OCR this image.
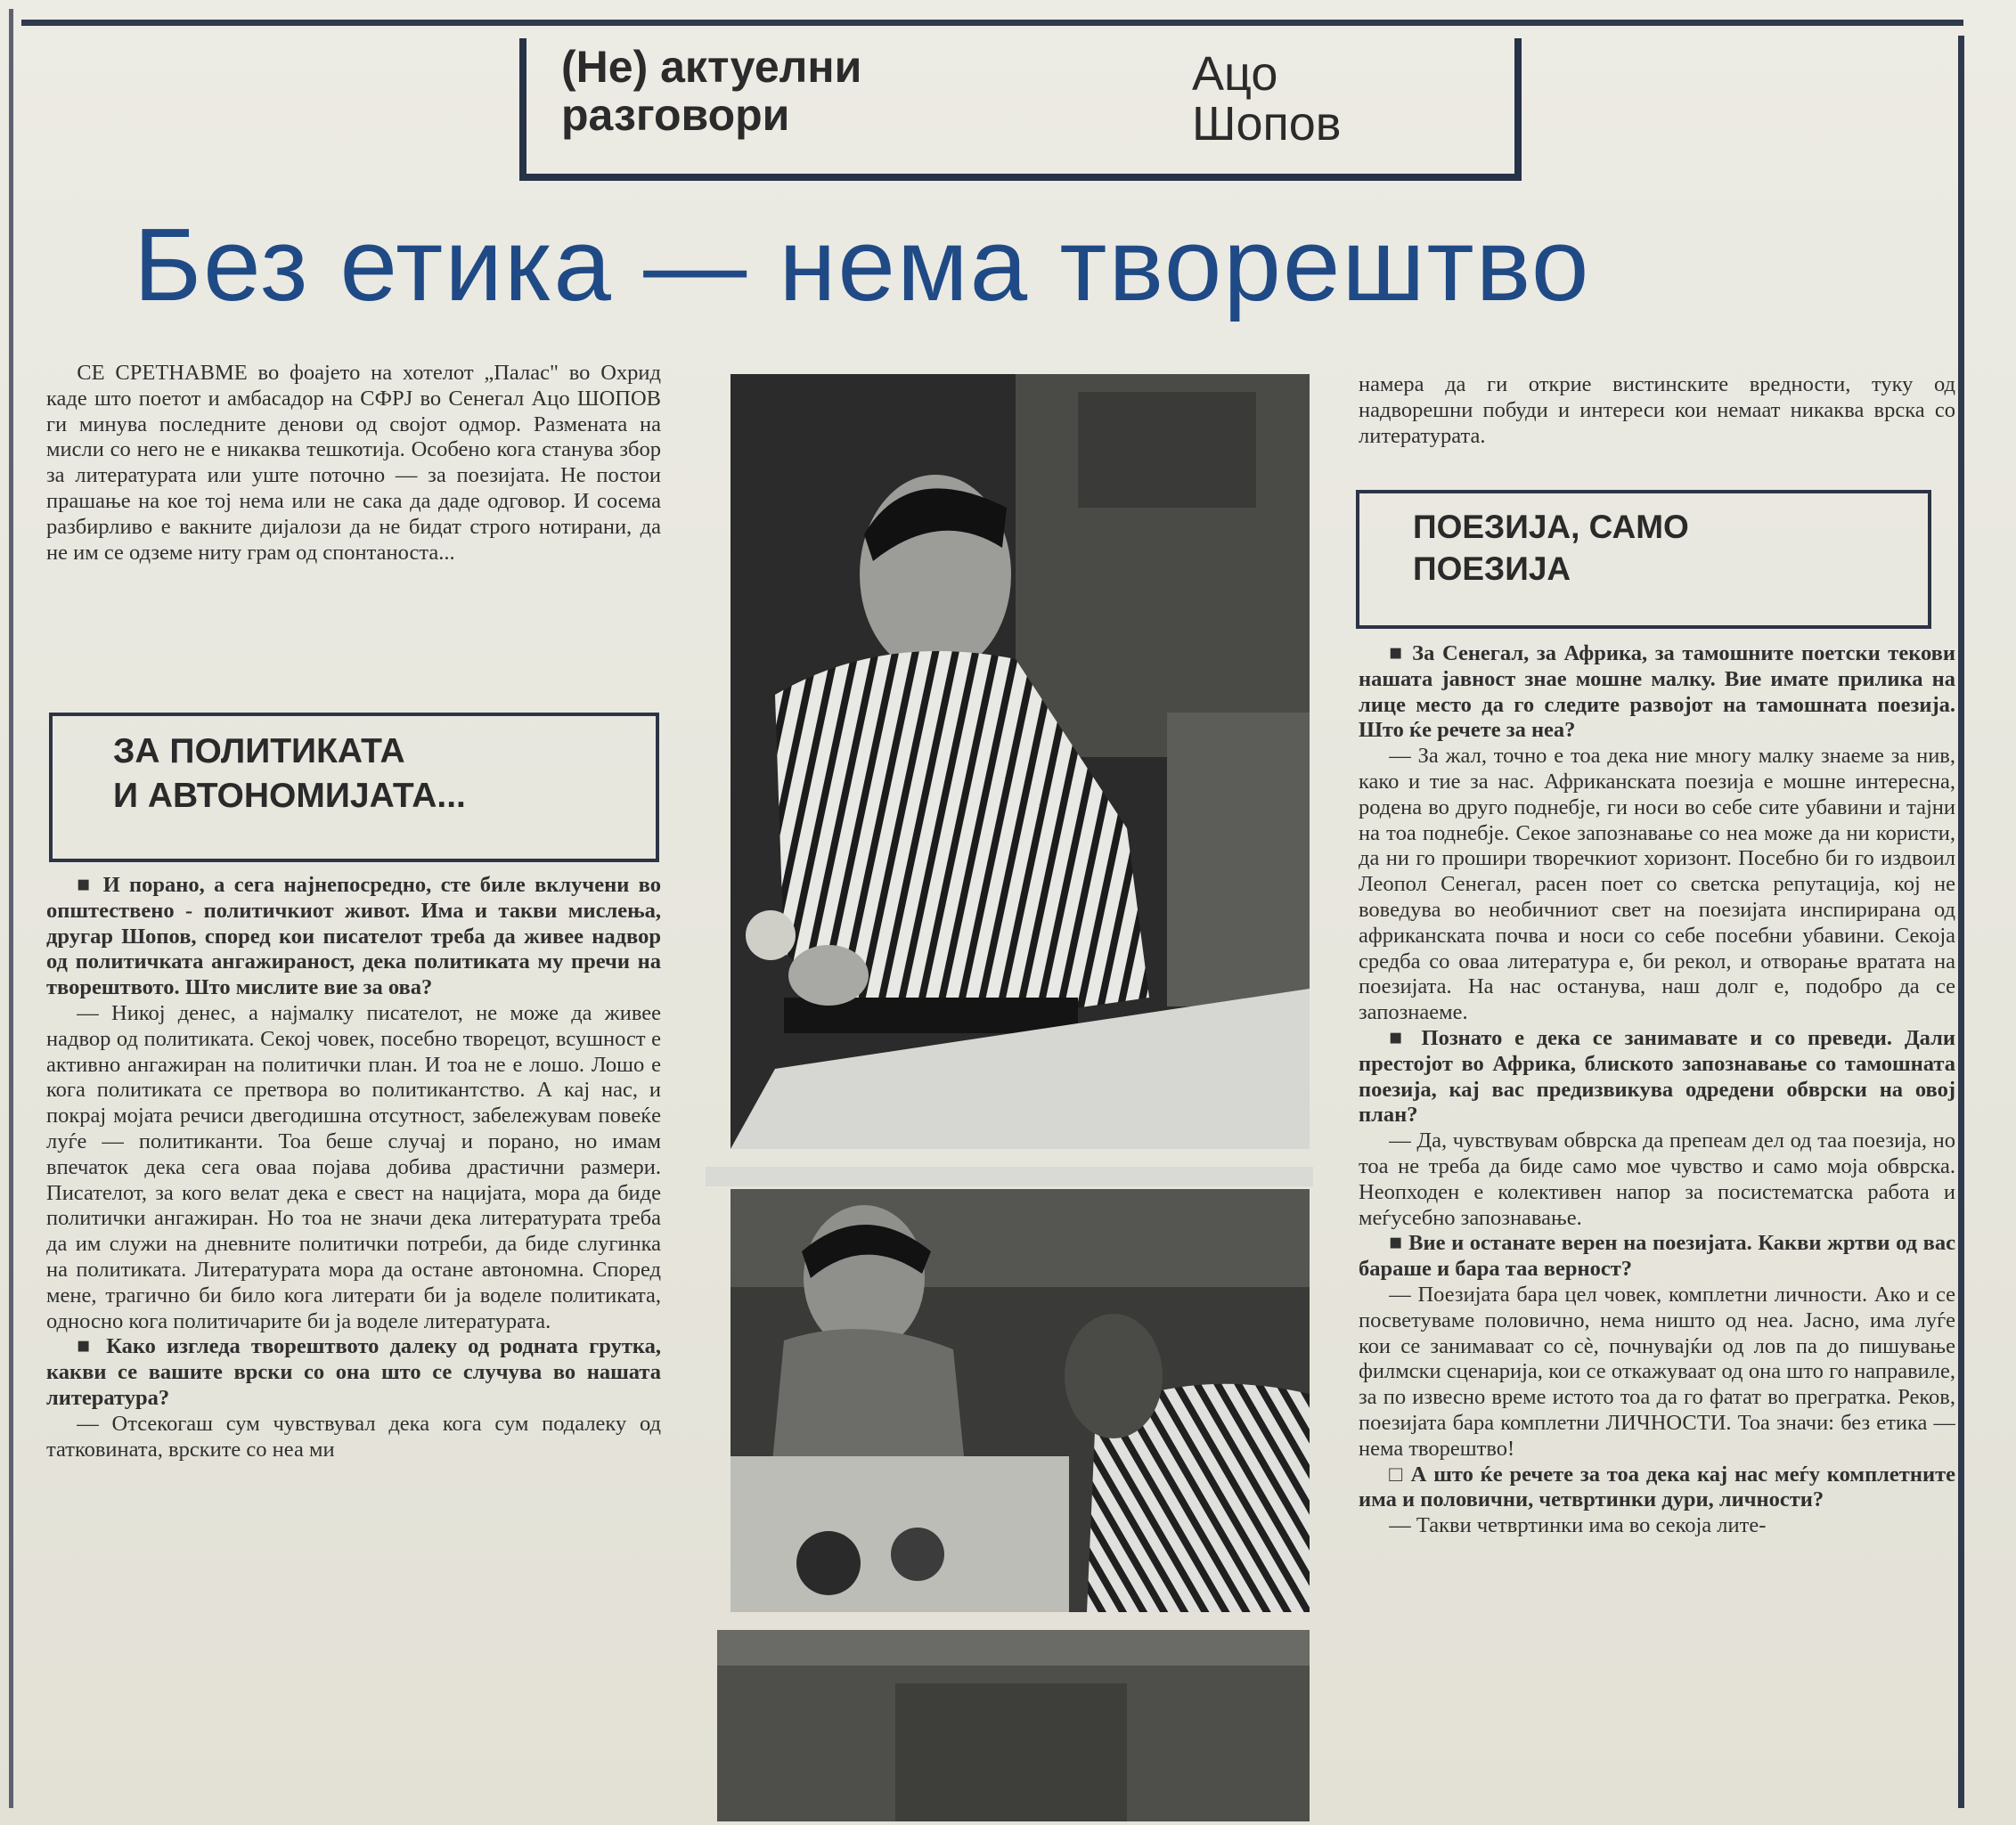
(Не) актуелни
разговори
Ацо
Шопов
Без етика — нема творештво

СЕ СРЕТНАВМЕ во фоајето на хотелот „Палас" во Охрид каде што поетот и амбасадор на СФРЈ во Сенегал Ацо ШОПОВ ги минува последните денови од својот одмор. Размената на мисли со него не е никаква тешкотија. Особено кога станува збор за литературата или уште поточно — за поезијата. Не постои прашање на кое тој нема или не сака да даде одговор. И сосема разбирливо е вакните дијалози да не бидат строго нотирани, да не им се одземе ниту грам од спонтаноста...

ЗА ПОЛИТИКАТА
И АВТОНОМИЈАТА...

■ И порано, а сега најнепосредно, сте биле вклучени во општествено - политичкиот живот. Има и такви мислења, другар Шопов, според кои писателот треба да живее надвор од политичката ангажираност, дека политиката му пречи на творештвото. Што мислите вие за ова?

— Никој денес, а најмалку писателот, не може да живее надвор од политиката. Секој човек, посебно творецот, всушност е активно ангажиран на политички план. И тоа не е лошо. Лошо е кога политиката се претвора во политикантство. А кај нас, и покрај мојата речиси двегодишна отсутност, забележувам повеќе луѓе — политиканти. Тоа беше случај и порано, но имам впечаток дека сега оваа појава добива драстични размери. Писателот, за кого велат дека е свест на нацијата, мора да биде политички ангажиран. Но тоа не значи дека литературата треба да им служи на дневните политички потреби, да биде слугинка на политиката. Литературата мора да остане автономна. Според мене, трагично би било кога литерати би ја воделе политиката, односно кога политичарите би ја воделе литературата.

■ Како изгледа творештвото далеку од родната грутка, какви се вашите врски со она што се случува во нашата литература?

— Отсекогаш сум чувствувал дека кога сум подалеку од татковината, врските со неа ми

намера да ги открие вистинските вредности, туку од надворешни побуди и интереси кои немаат никаква врска со литературата.

ПОЕЗИЈА, САМО
ПОЕЗИЈА

■ За Сенегал, за Африка, за тамошните поетски текови нашата јавност знае мошне малку. Вие имате прилика на лице место да го следите развојот на тамошната поезија. Што ќе речете за неа?

— За жал, точно е тоа дека ние многу малку знаеме за нив, како и тие за нас. Африканската поезија е мошне интересна, родена во друго поднебје, ги носи во себе сите убавини и тајни на тоа поднебје. Секое запознавање со неа може да ни користи, да ни го прошири творечкиот хоризонт. Посебно би го издвоил Леопол Сенегал, расен поет со светска репутација, кој не воведува во необичниот свет на поезијата инспирирана од африканската почва и носи со себе посебни убавини. Секоја средба со оваа литература е, би рекол, и отворање вратата на поезијата. На нас останува, наш долг е, подобро да се запознаеме.

■ Познато е дека се занимавате и со преведи. Дали престојот во Африка, блиското запознавање со тамошната поезија, кај вас предизвикува одредени обврски на овој план?

— Да, чувствувам обврска да препеам дел од таа поезија, но тоа не треба да биде само мое чувство и само моја обврска. Неопходен е колективен напор за посистематска работа и меѓусебно запознавање.

■ Вие и останате верен на поезијата. Какви жртви од вас бараше и бара таа верност?

— Поезијата бара цел човек, комплетни личности. Ако и се посветуваме половично, нема ништо од неа. Јасно, има луѓе кои се занимаваат со сè, почнувајќи од лов па до пишување филмски сценарија, кои се откажуваат од она што го направиле, за по извесно време истото тоа да го фатат во прегратка. Реков, поезијата бара комплетни ЛИЧНОСТИ. Тоа значи: без етика — нема творештво!

□ А што ќе речете за тоа дека кај нас меѓу комплетните има и половични, четвртинки дури, личности?

— Такви четвртинки има во секоја лите-
